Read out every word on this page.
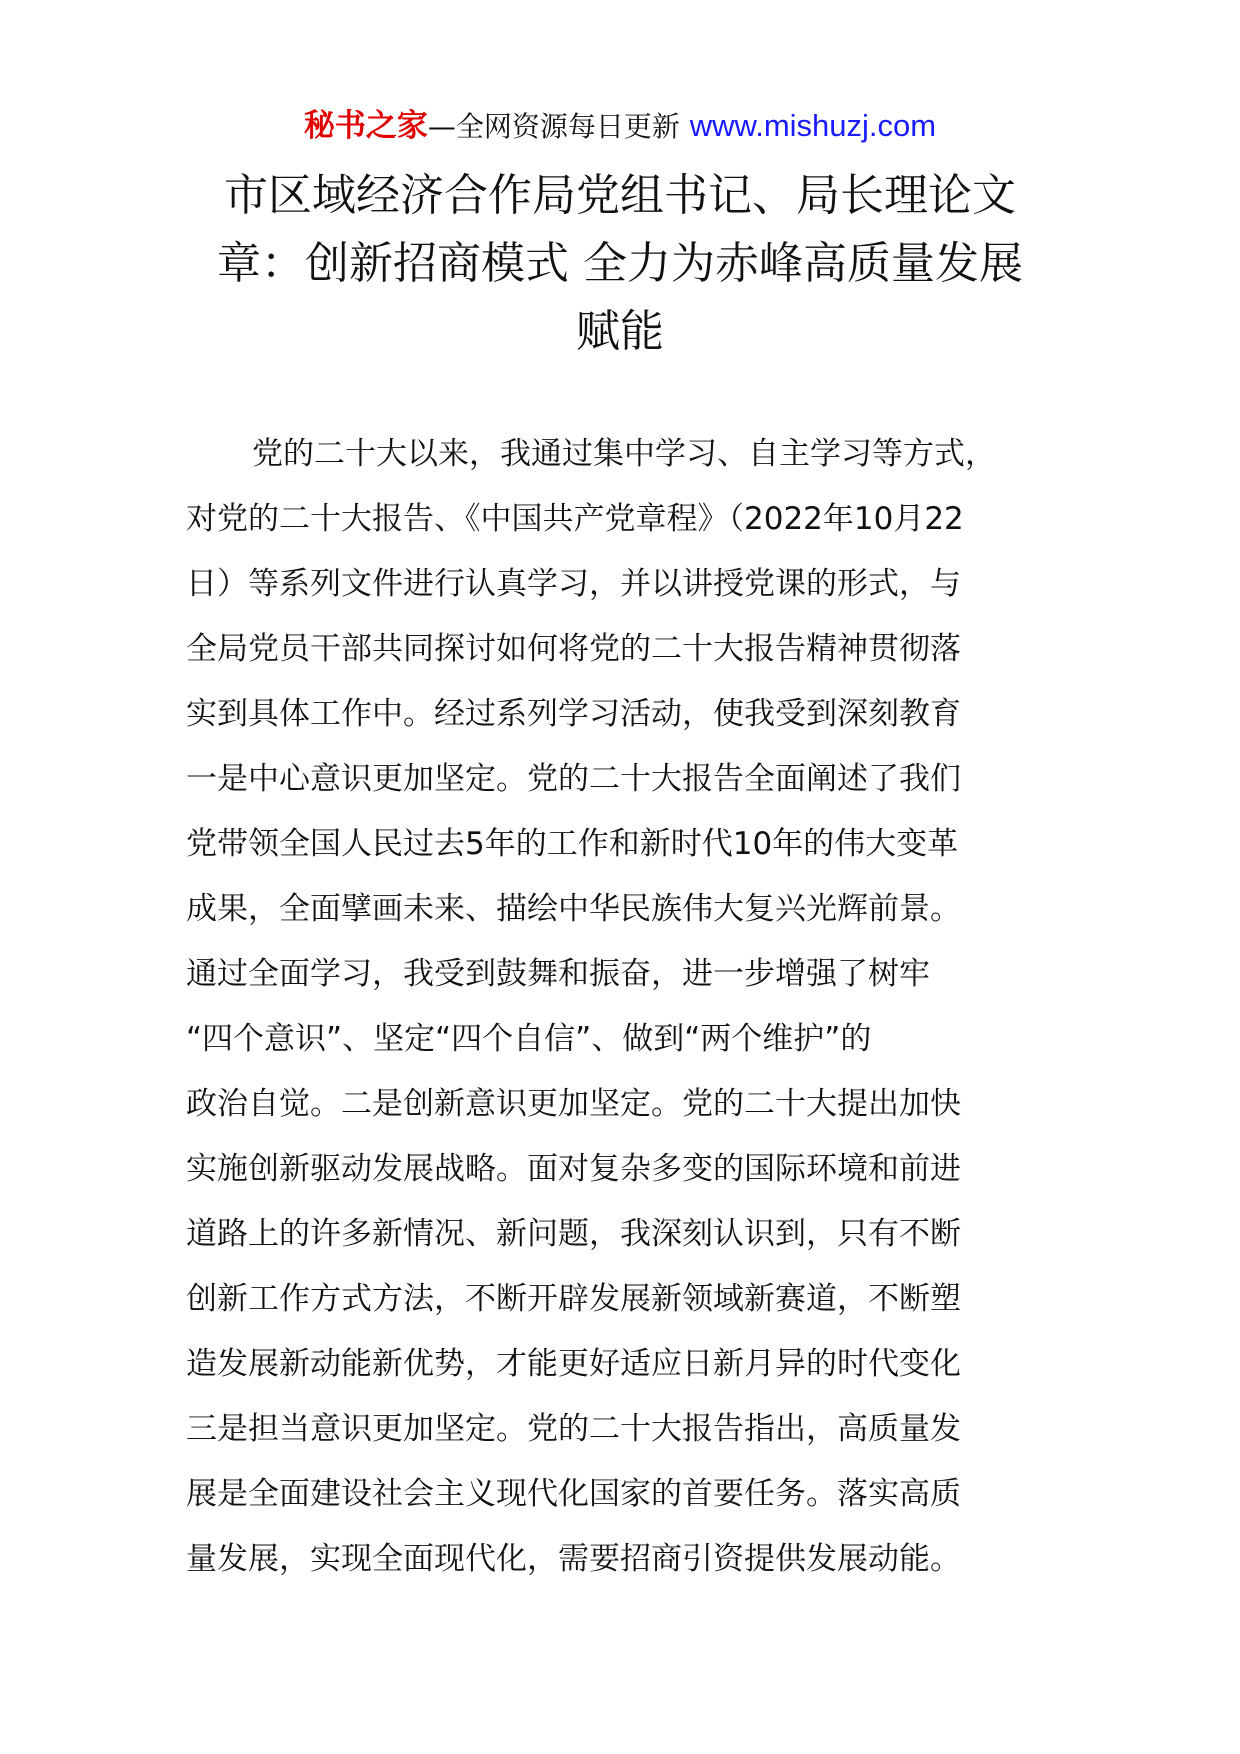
秘书之家—全网资源每日更新 www.mishuzj.com
市区域经济合作局党组书记、局长理论文
章：创新招商模式 全力为赤峰高质量发展
赋能
党的二十大以来，我通过集中学习、自主学习等方式，
对党的二十大报告、《中国共产党章程》（2022年10月22
日）等系列文件进行认真学习，并以讲授党课的形式，与
全局党员干部共同探讨如何将党的二十大报告精神贯彻落
实到具体工作中。经过系列学习活动，使我受到深刻教育
一是中心意识更加坚定。党的二十大报告全面阐述了我们
党带领全国人民过去5年的工作和新时代10年的伟大变革
成果，全面擘画未来、描绘中华民族伟大复兴光辉前景。
通过全面学习，我受到鼓舞和振奋，进一步增强了树牢
“四个意识”、坚定“四个自信”、做到“两个维护”的
政治自觉。二是创新意识更加坚定。党的二十大提出加快
实施创新驱动发展战略。面对复杂多变的国际环境和前进
道路上的许多新情况、新问题，我深刻认识到，只有不断
创新工作方式方法，不断开辟发展新领域新赛道，不断塑
造发展新动能新优势，才能更好适应日新月异的时代变化
三是担当意识更加坚定。党的二十大报告指出，高质量发
展是全面建设社会主义现代化国家的首要任务。落实高质
量发展，实现全面现代化，需要招商引资提供发展动能。
